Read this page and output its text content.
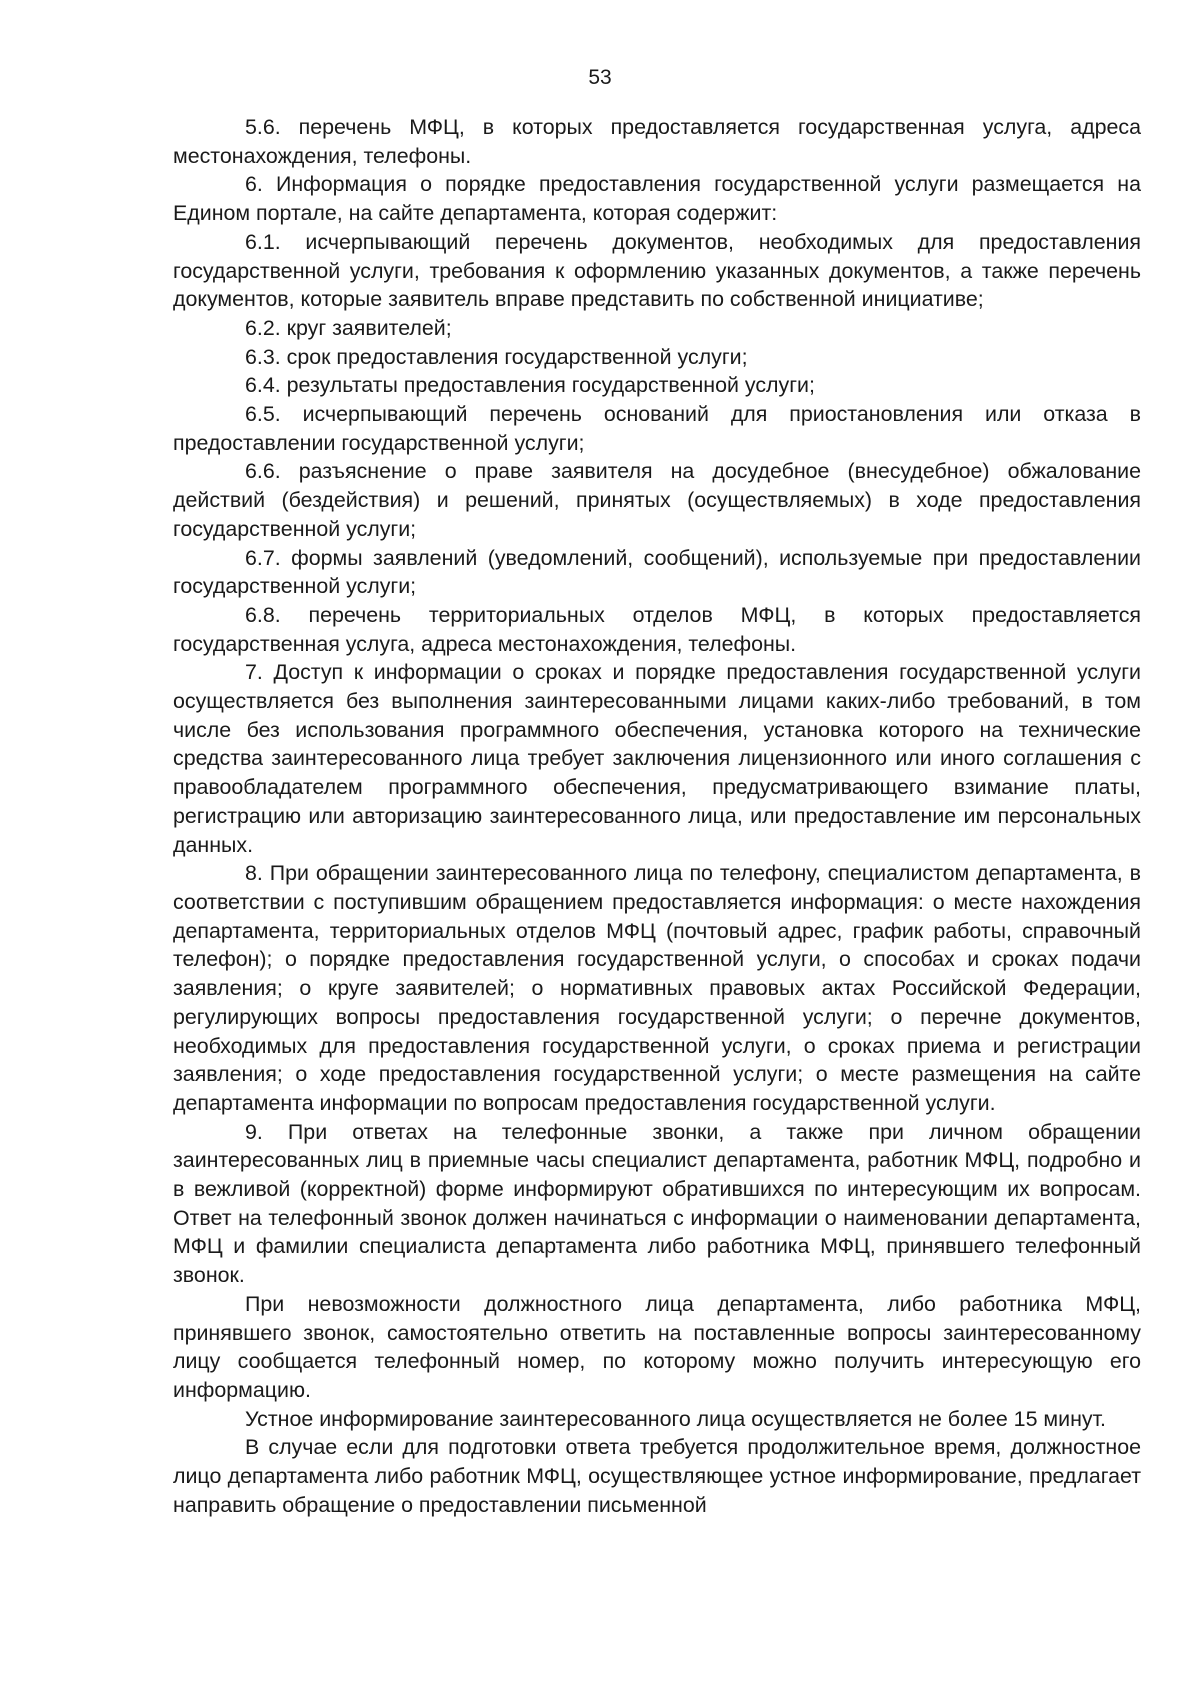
53

5.6. перечень МФЦ, в которых предоставляется государственная услуга, адреса местонахождения, телефоны.

6. Информация о порядке предоставления государственной услуги размещается на Едином портале, на сайте департамента, которая содержит:

6.1. исчерпывающий перечень документов, необходимых для предоставления государственной услуги, требования к оформлению указанных документов, а также перечень документов, которые заявитель вправе представить по собственной инициативе;

6.2. круг заявителей;

6.3. срок предоставления государственной услуги;

6.4. результаты предоставления государственной услуги;

6.5. исчерпывающий перечень оснований для приостановления или отказа в предоставлении государственной услуги;

6.6. разъяснение о праве заявителя на досудебное (внесудебное) обжалование действий (бездействия) и решений, принятых (осуществляемых) в ходе предоставления государственной услуги;

6.7. формы заявлений (уведомлений, сообщений), используемые при предоставлении государственной услуги;

6.8. перечень территориальных отделов МФЦ, в которых предоставляется государственная услуга, адреса местонахождения, телефоны.

7. Доступ к информации о сроках и порядке предоставления государственной услуги осуществляется без выполнения заинтересованными лицами каких-либо требований, в том числе без использования программного обеспечения, установка которого на технические средства заинтересованного лица требует заключения лицензионного или иного соглашения с правообладателем программного обеспечения, предусматривающего взимание платы, регистрацию или авторизацию заинтересованного лица, или предоставление им персональных данных.

8. При обращении заинтересованного лица по телефону, специалистом департамента, в соответствии с поступившим обращением предоставляется информация: о месте нахождения департамента, территориальных отделов МФЦ (почтовый адрес, график работы, справочный телефон); о порядке предоставления государственной услуги, о способах и сроках подачи заявления; о круге заявителей; о нормативных правовых актах Российской Федерации, регулирующих вопросы предоставления государственной услуги; о перечне документов, необходимых для предоставления государственной услуги, о сроках приема и регистрации заявления; о ходе предоставления государственной услуги; о месте размещения на сайте департамента информации по вопросам предоставления государственной услуги.

9. При ответах на телефонные звонки, а также при личном обращении заинтересованных лиц в приемные часы специалист департамента, работник МФЦ, подробно и в вежливой (корректной) форме информируют обратившихся по интересующим их вопросам. Ответ на телефонный звонок должен начинаться с информации о наименовании департамента, МФЦ и фамилии специалиста департамента либо работника МФЦ, принявшего телефонный звонок.

При невозможности должностного лица департамента, либо работника МФЦ, принявшего звонок, самостоятельно ответить на поставленные вопросы заинтересованному лицу сообщается телефонный номер, по которому можно получить интересующую его информацию.

Устное информирование заинтересованного лица осуществляется не более 15 минут.

В случае если для подготовки ответа требуется продолжительное время, должностное лицо департамента либо работник МФЦ, осуществляющее устное информирование, предлагает направить обращение о предоставлении письменной
